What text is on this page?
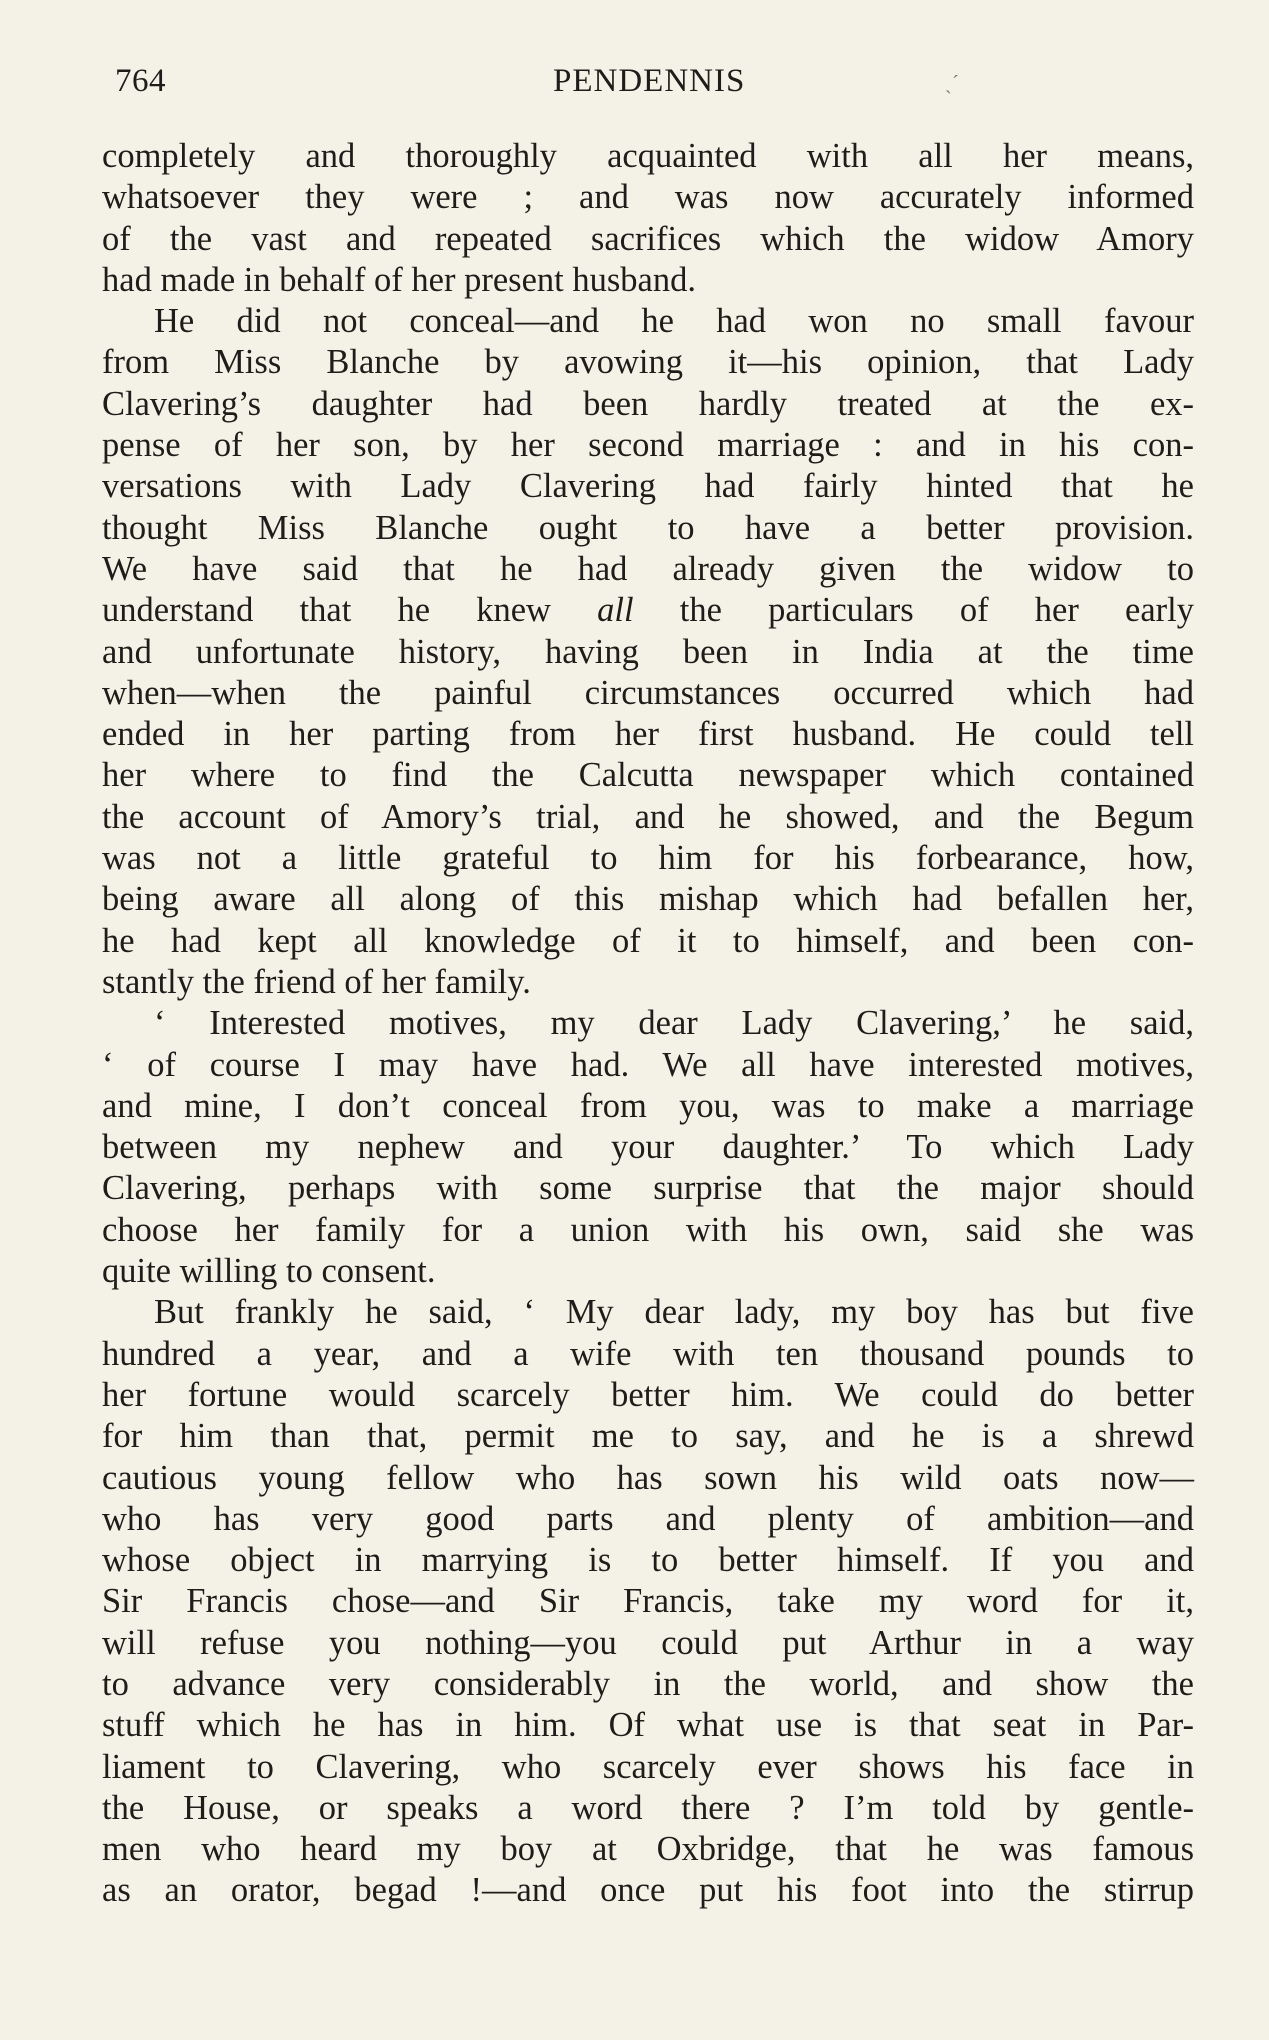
764	PENDENNIS	ˏˊ
completely and thoroughly acquainted with all her means,
whatsoever they were ; and was now accurately informed
of the vast and repeated sacrifices which the widow Amory
had made in behalf of her present husband.
He did not conceal—and he had won no small favour
from Miss Blanche by avowing it—his opinion, that Lady
Clavering’s daughter had been hardly treated at the ex-
pense of her son, by her second marriage : and in his con-
versations with Lady Clavering had fairly hinted that he
thought Miss Blanche ought to have a better provision.
We have said that he had already given the widow to
understand that he knew all the particulars of her early
and unfortunate history, having been in India at the time
when—when the painful circumstances occurred which had
ended in her parting from her first husband. He could tell
her where to find the Calcutta newspaper which contained
the account of Amory’s trial, and he showed, and the Begum
was not a little grateful to him for his forbearance, how,
being aware all along of this mishap which had befallen her,
he had kept all knowledge of it to himself, and been con-
stantly the friend of her family.
‘ Interested motives, my dear Lady Clavering,’ he said,
‘ of course I may have had. We all have interested motives,
and mine, I don’t conceal from you, was to make a marriage
between my nephew and your daughter.’ To which Lady
Clavering, perhaps with some surprise that the major should
choose her family for a union with his own, said she was
quite willing to consent.
But frankly he said, ‘ My dear lady, my boy has but five
hundred a year, and a wife with ten thousand pounds to
her fortune would scarcely better him. We could do better
for him than that, permit me to say, and he is a shrewd
cautious young fellow who has sown his wild oats now—
who has very good parts and plenty of ambition—and
whose object in marrying is to better himself. If you and
Sir Francis chose—and Sir Francis, take my word for it,
will refuse you nothing—you could put Arthur in a way
to advance very considerably in the world, and show the
stuff which he has in him. Of what use is that seat in Par-
liament to Clavering, who scarcely ever shows his face in
the House, or speaks a word there ? I’m told by gentle-
men who heard my boy at Oxbridge, that he was famous
as an orator, begad !—and once put his foot into the stirrup
